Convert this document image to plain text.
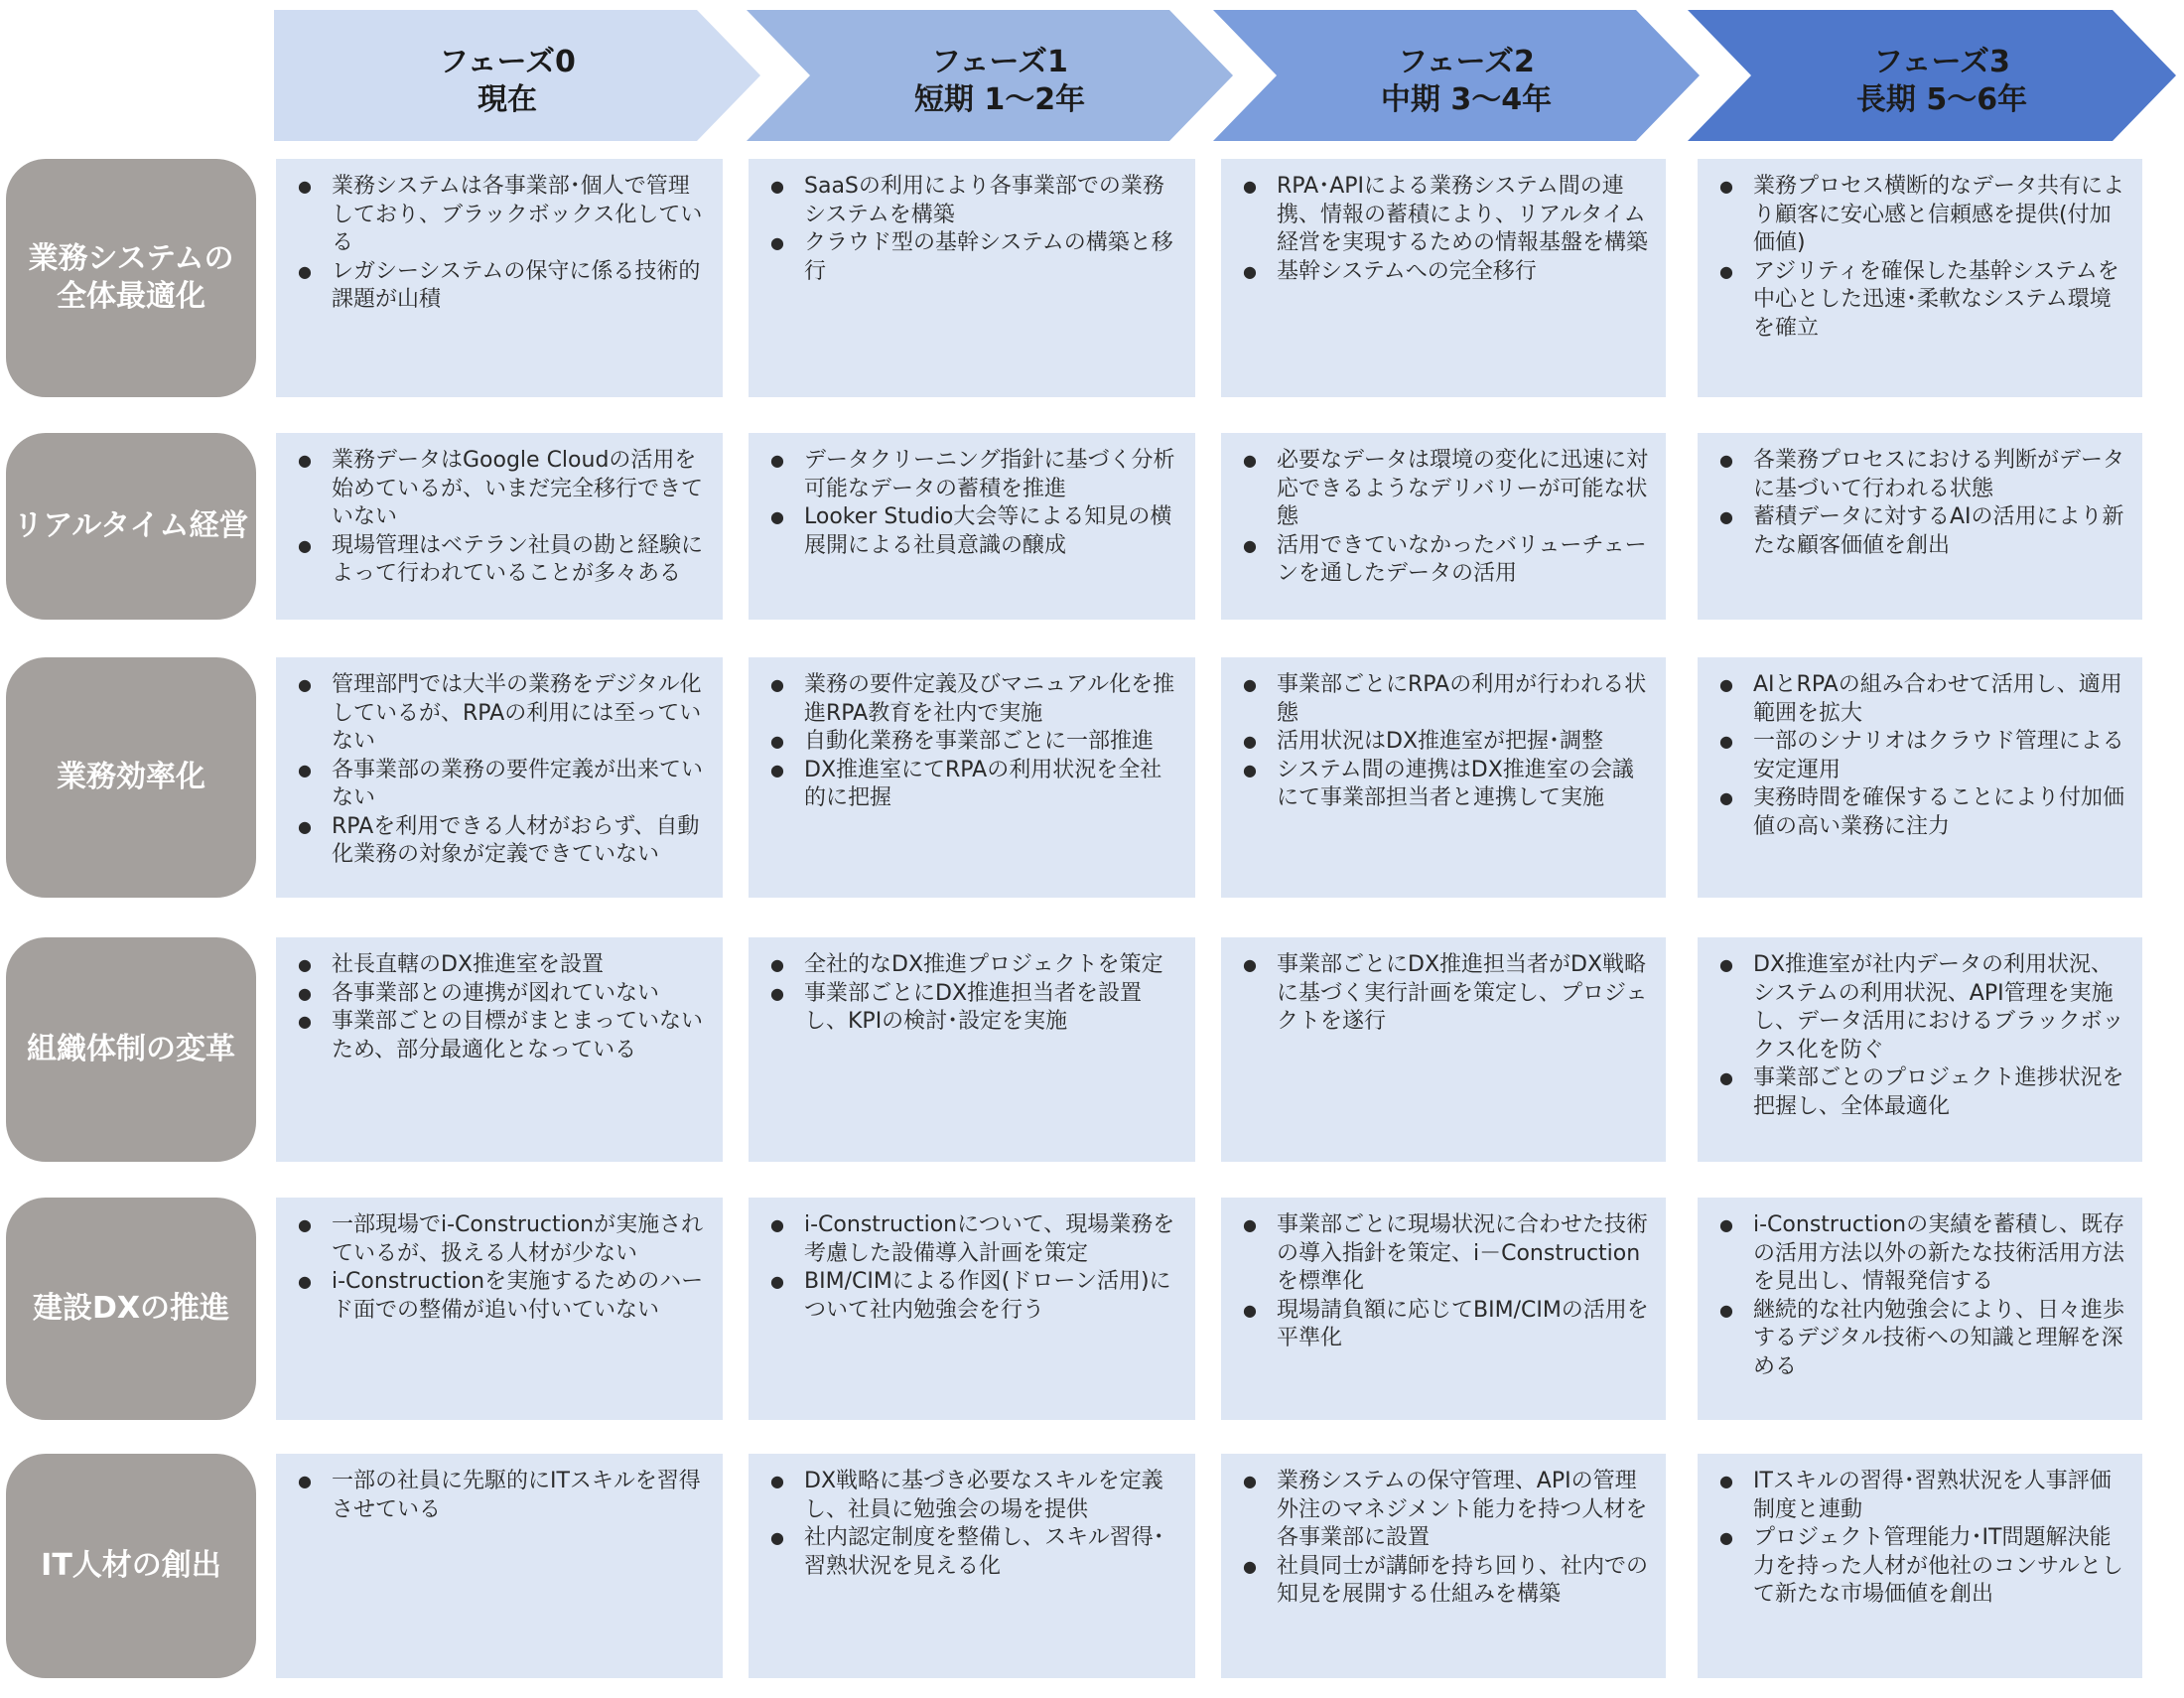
フェーズ0
現在
フェーズ1
短期 1～2年
フェーズ2
中期 3～4年
フェーズ3
長期 5～6年
業務システムの
全体最適化
● 業務システムは各事業部･個人で管理しており、ブラックボックス化している
● レガシーシステムの保守に係る技術的課題が山積
● SaaSの利用により各事業部での業務システムを構築
● クラウド型の基幹システムの構築と移行
● RPA･APIによる業務システム間の連携、情報の蓄積により、リアルタイム経営を実現するための情報基盤を構築
● 基幹システムへの完全移行
● 業務プロセス横断的なデータ共有により顧客に安心感と信頼感を提供(付加価値)
● アジリティを確保した基幹システムを中心とした迅速･柔軟なシステム環境を確立
リアルタイム経営
● 業務データはGoogle Cloudの活用を始めているが、いまだ完全移行できていない
● 現場管理はベテラン社員の勘と経験によって行われていることが多々ある
● データクリーニング指針に基づく分析可能なデータの蓄積を推進
● Looker Studio大会等による知見の横展開による社員意識の醸成
● 必要なデータは環境の変化に迅速に対応できるようなデリバリーが可能な状態
● 活用できていなかったバリューチェーンを通したデータの活用
● 各業務プロセスにおける判断がデータに基づいて行われる状態
● 蓄積データに対するAIの活用により新たな顧客価値を創出
業務効率化
● 管理部門では大半の業務をデジタル化しているが、RPAの利用には至っていない
● 各事業部の業務の要件定義が出来ていない
● RPAを利用できる人材がおらず、自動化業務の対象が定義できていない
● 業務の要件定義及びマニュアル化を推進RPA教育を社内で実施
● 自動化業務を事業部ごとに一部推進
● DX推進室にてRPAの利用状況を全社的に把握
● 事業部ごとにRPAの利用が行われる状態
● 活用状況はDX推進室が把握･調整
● システム間の連携はDX推進室の会議にて事業部担当者と連携して実施
● AIとRPAの組み合わせて活用し、適用範囲を拡大
● 一部のシナリオはクラウド管理による安定運用
● 実務時間を確保することにより付加価値の高い業務に注力
組織体制の変革
● 社長直轄のDX推進室を設置
● 各事業部との連携が図れていない
● 事業部ごとの目標がまとまっていないため、部分最適化となっている
● 全社的なDX推進プロジェクトを策定
● 事業部ごとにDX推進担当者を設置し、KPIの検討･設定を実施
● 事業部ごとにDX推進担当者がDX戦略に基づく実行計画を策定し、プロジェクトを遂行
● DX推進室が社内データの利用状況、システムの利用状況、API管理を実施し、データ活用におけるブラックボックス化を防ぐ
● 事業部ごとのプロジェクト進捗状況を把握し、全体最適化
建設DXの推進
● 一部現場でi-Constructionが実施されているが、扱える人材が少ない
● i-Constructionを実施するためのハード面での整備が追い付いていない
● i-Constructionについて、現場業務を考慮した設備導入計画を策定
● BIM/CIMによる作図(ドローン活用)について社内勉強会を行う
● 事業部ごとに現場状況に合わせた技術の導入指針を策定、i－Constructionを標準化
● 現場請負額に応じてBIM/CIMの活用を平準化
● i-Constructionの実績を蓄積し、既存の活用方法以外の新たな技術活用方法を見出し、情報発信する
● 継続的な社内勉強会により、日々進歩するデジタル技術への知識と理解を深める
IT人材の創出
● 一部の社員に先駆的にITスキルを習得させている
● DX戦略に基づき必要なスキルを定義し、社員に勉強会の場を提供
● 社内認定制度を整備し、スキル習得･習熟状況を見える化
● 業務システムの保守管理、APIの管理外注のマネジメント能力を持つ人材を各事業部に設置
● 社員同士が講師を持ち回り、社内での知見を展開する仕組みを構築
● ITスキルの習得･習熟状況を人事評価制度と連動
● プロジェクト管理能力･IT問題解決能力を持った人材が他社のコンサルとして新たな市場価値を創出
